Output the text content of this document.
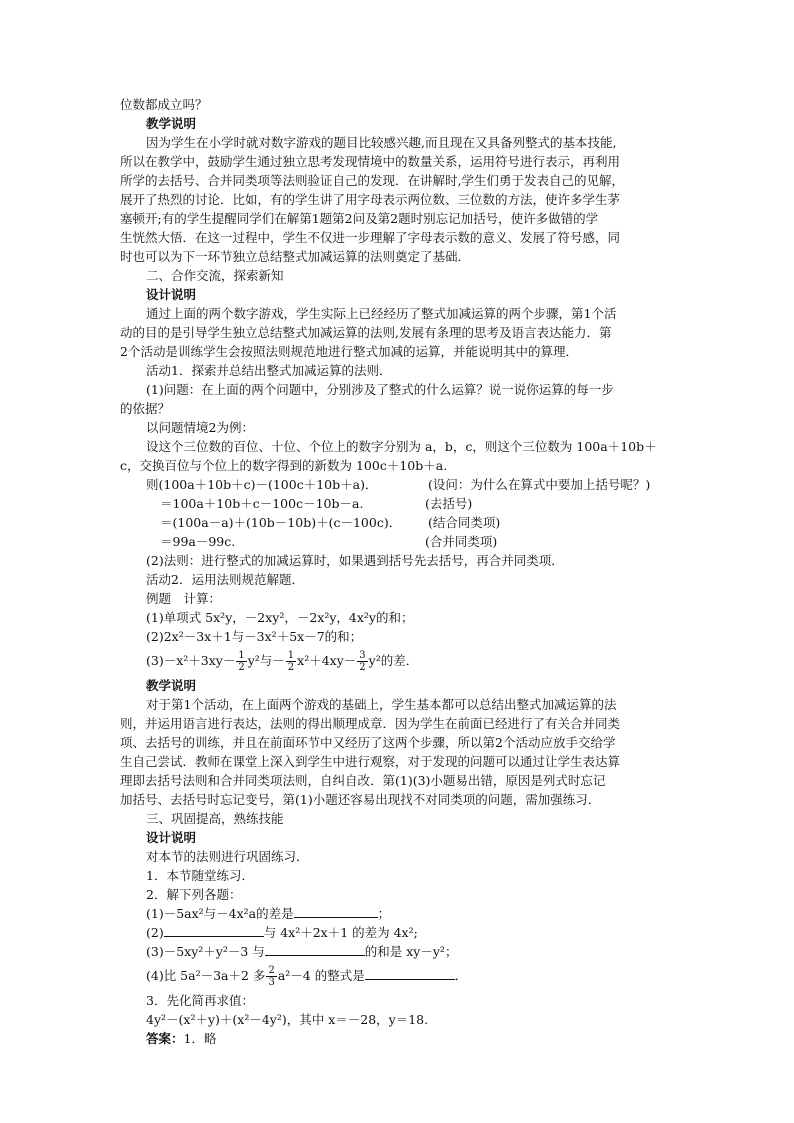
位数都成立吗？
教学说明
因为学生在小学时就对数字游戏的题目比较感兴趣,而且现在又具备列整式的基本技能,
所以在教学中，鼓励学生通过独立思考发现情境中的数量关系，运用符号进行表示，再利用
所学的去括号、合并同类项等法则验证自己的发现．在讲解时,学生们勇于发表自己的见解，
展开了热烈的讨论．比如，有的学生讲了用字母表示两位数、三位数的方法，使许多学生茅
塞顿开;有的学生提醒同学们在解第1题第2问及第2题时别忘记加括号，使许多做错的学
生恍然大悟．在这一过程中，学生不仅进一步理解了字母表示数的意义、发展了符号感，同
时也可以为下一环节独立总结整式加减运算的法则奠定了基础．
二、合作交流，探索新知
设计说明
通过上面的两个数字游戏，学生实际上已经经历了整式加减运算的两个步骤，第1个活
动的目的是引导学生独立总结整式加减运算的法则,发展有条理的思考及语言表达能力．第
2个活动是训练学生会按照法则规范地进行整式加减的运算，并能说明其中的算理．
活动1．探索并总结出整式加减运算的法则．
(1)问题：在上面的两个问题中，分别涉及了整式的什么运算？说一说你运算的每一步
的依据？
以问题情境2为例：
设这个三位数的百位、十位、个位上的数字分别为 a，b，c，则这个三位数为 100a＋10b＋
c，交换百位与个位上的数字得到的新数为 100c＋10b＋a.
则(100a＋10b＋c)－(100c＋10b＋a)．	(设问：为什么在算式中要加上括号呢？)
＝100a＋10b＋c－100c－10b－a.	(去括号)
＝(100a－a)＋(10b－10b)＋(c－100c)． (结合同类项)
＝99a－99c.	(合并同类项)
(2)法则：进行整式的加减运算时，如果遇到括号先去括号，再合并同类项．
活动2．运用法则规范解题．
例题　计算：
(1)单项式 5x²y，－2xy²，－2x²y，4x²y的和；
(2)2x²－3x＋1与－3x²＋5x－7的和；
$(3)-x^2+3xy- \frac{1}{2} y^2$与－ $\frac{1}{2} x^2+4xy- \frac{3}{2} y^2$的差．
教学说明
对于第1个活动，在上面两个游戏的基础上，学生基本都可以总结出整式加减运算的法
则，并运用语言进行表达，法则的得出顺理成章．因为学生在前面已经进行了有关合并同类
项、去括号的训练，并且在前面环节中又经历了这两个步骤，所以第2个活动应放手交给学
生自己尝试．教师在课堂上深入到学生中进行观察，对于发现的问题可以通过让学生表达算
理即去括号法则和合并同类项法则，自纠自改．第(1)(3)小题易出错，原因是列式时忘记
加括号、去括号时忘记变号，第(1)小题还容易出现找不对同类项的问题，需加强练习．
三、巩固提高，熟练技能
设计说明
对本节的法则进行巩固练习．
1．本节随堂练习．
2．解下列各题：
(1)－5ax²与－4x²a的差是	；
(2)	与 4x²＋2x＋1 的差为 4x²;
(3)－5xy²＋y²－3 与	的和是 xy－y²；
(4)比 5a²－3a＋2 多 $\frac{2}{3} a^2-4$ 的整式是	．
3．先化简再求值：
4y²－(x²＋y)＋(x²－4y²)，其中 x＝－28，y＝18.
答案：1．略
